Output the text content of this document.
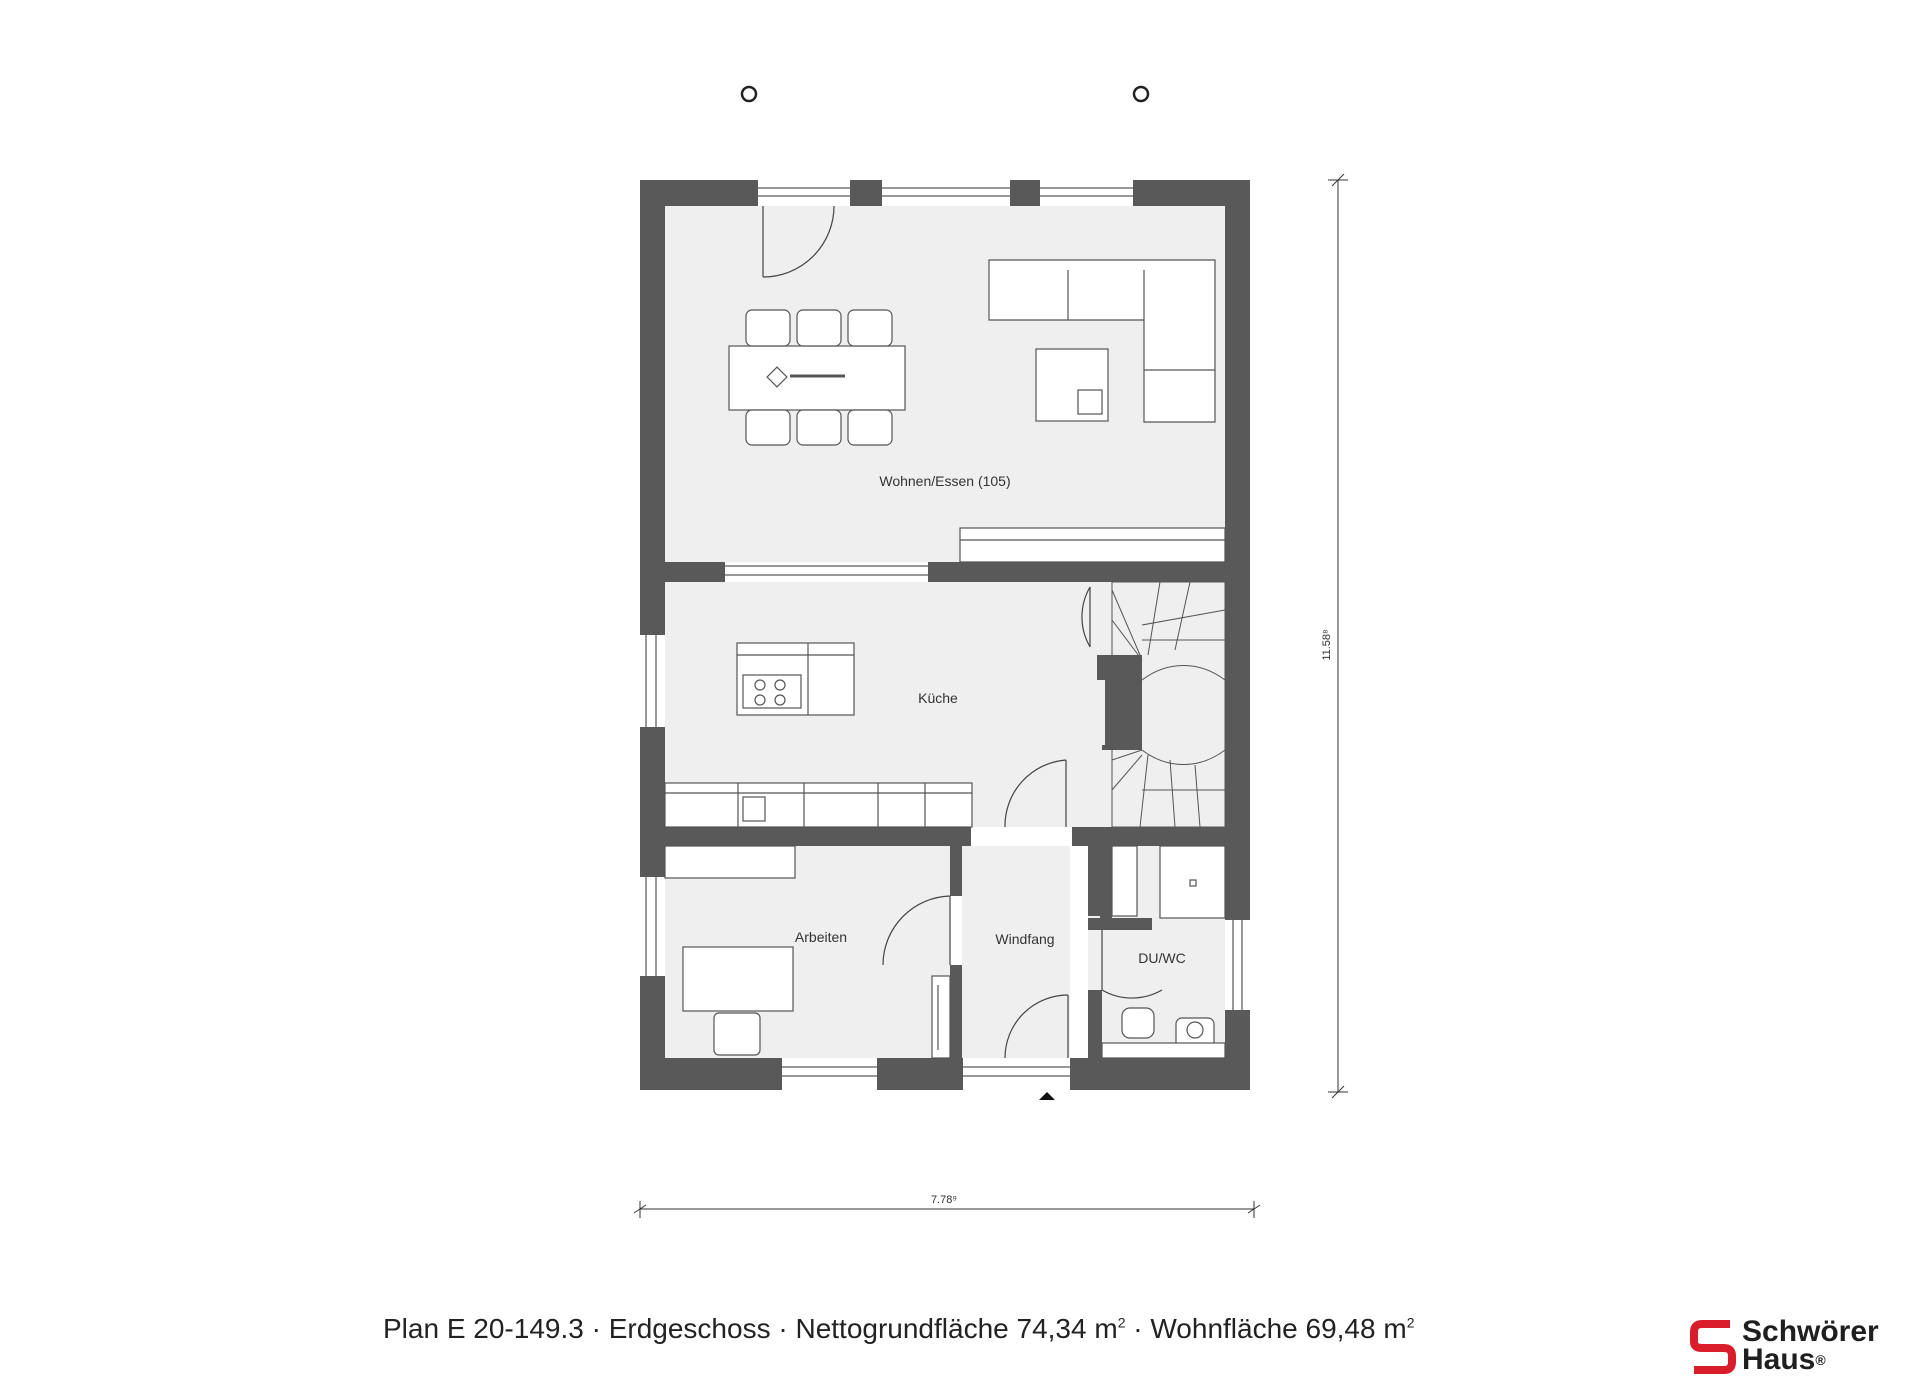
Wohnen/Essen (105)
Küche
Arbeiten	Windfang
DU/WC
7.78⁹
11.58⁸
Plan E 20-149.3 · Erdgeschoss · Nettogrundfläche 74,34 $m^2$ · Wohnfläche 69,48 $m^2$	Schwörer
Haus®
